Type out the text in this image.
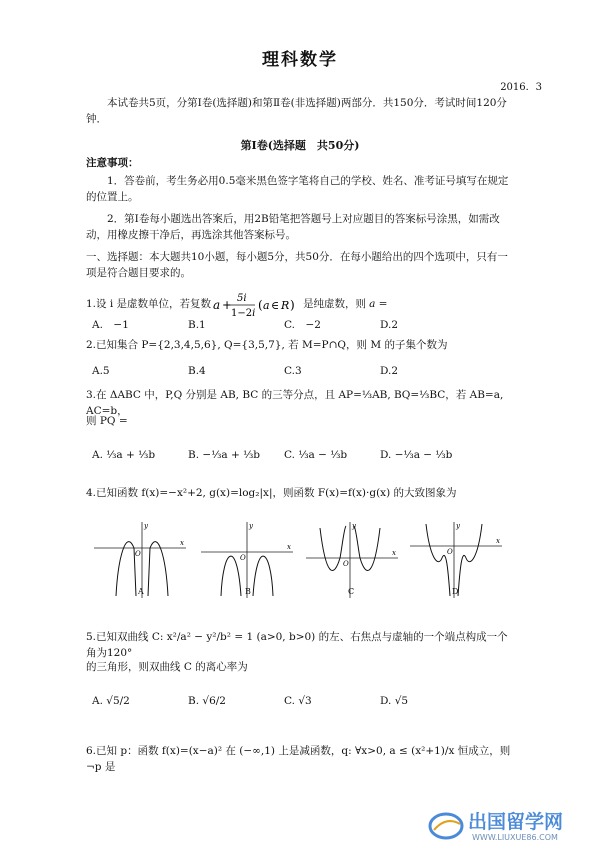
理科数学
2016．3
本试卷共5页，分第Ⅰ卷(选择题)和第Ⅱ卷(非选择题)两部分．共150分．考试时间120分钟．
第Ⅰ卷(选择题　共50分)
注意事项：
1．答卷前，考生务必用0.5毫米黑色签字笔将自己的学校、姓名、准考证号填写在规定的位置上。
2．第Ⅰ卷每小题选出答案后，用2B铅笔把答题号上对应题目的答案标号涂黑，如需改动，用橡皮擦干净后，再选涂其他答案标号。
一、选择题：本大题共10小题，每小题5分，共50分．在每小题给出的四个选项中，只有一项是符合题目要求的。
1.设 i 是虚数单位，若复数 a + 5i
1−2i
( a ∈ R ) 是纯虚数，则 a =
A.　−1	B.1	C.　−2	D.2
2.已知集合 P={2,3,4,5,6}, Q={3,5,7}, 若 M=P∩Q，则 M 的子集个数为
A.5	B.4	C.3	D.2
3.在 ΔABC 中，P,Q 分别是 AB, BC 的三等分点，且 AP=⅓AB, BQ=⅓BC，若 AB=a, AC=b，
则 PQ =
A. ⅓a + ⅓b	B. −⅓a + ⅓b	C. ⅓a − ⅓b	D. −⅓a − ⅓b
4.已知函数 f(x)=−x²+2, g(x)=log₂|x|，则函数 F(x)=f(x)·g(x) 的大致图象为
y
x
O
y
x
O
y
x
O
y
x
O
A	B	C	D
5.已知双曲线 C: x²/a² − y²/b² = 1 (a>0, b>0) 的左、右焦点与虚轴的一个端点构成一个角为120°
的三角形，则双曲线 C 的离心率为
A. √5/2	B. √6/2	C. √3	D. √5
6.已知 p：函数 f(x)=(x−a)² 在 (−∞,1) 上是减函数，q: ∀x>0, a ≤ (x²+1)/x 恒成立，则 ¬p 是
出国留学网
WWW.LIUXUE86.COM
